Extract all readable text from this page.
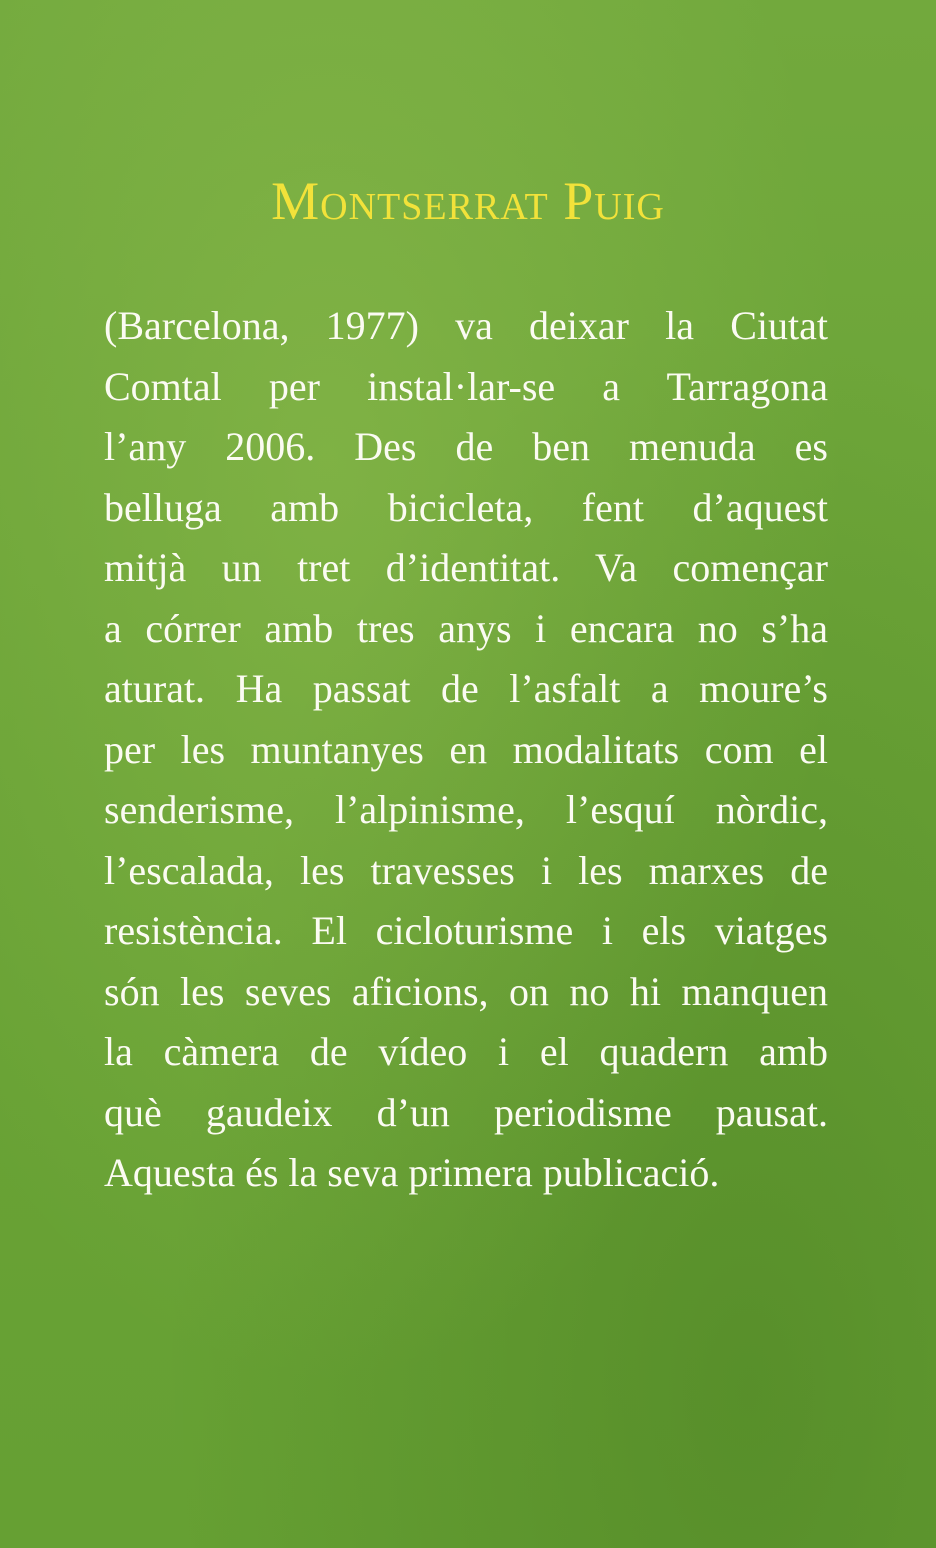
Montserrat Puig
(Barcelona, 1977) va deixar la Ciutat
Comtal per instal·lar-se a Tarragona
l’any 2006. Des de ben menuda es
belluga amb bicicleta, fent d’aquest
mitjà un tret d’identitat. Va començar
a córrer amb tres anys i encara no s’ha
aturat. Ha passat de l’asfalt a moure’s
per les muntanyes en modalitats com el
senderisme, l’alpinisme, l’esquí nòrdic,
l’escalada, les travesses i les marxes de
resistència. El cicloturisme i els viatges
són les seves aficions, on no hi manquen
la càmera de vídeo i el quadern amb
què gaudeix d’un periodisme pausat.
Aquesta és la seva primera publicació.
